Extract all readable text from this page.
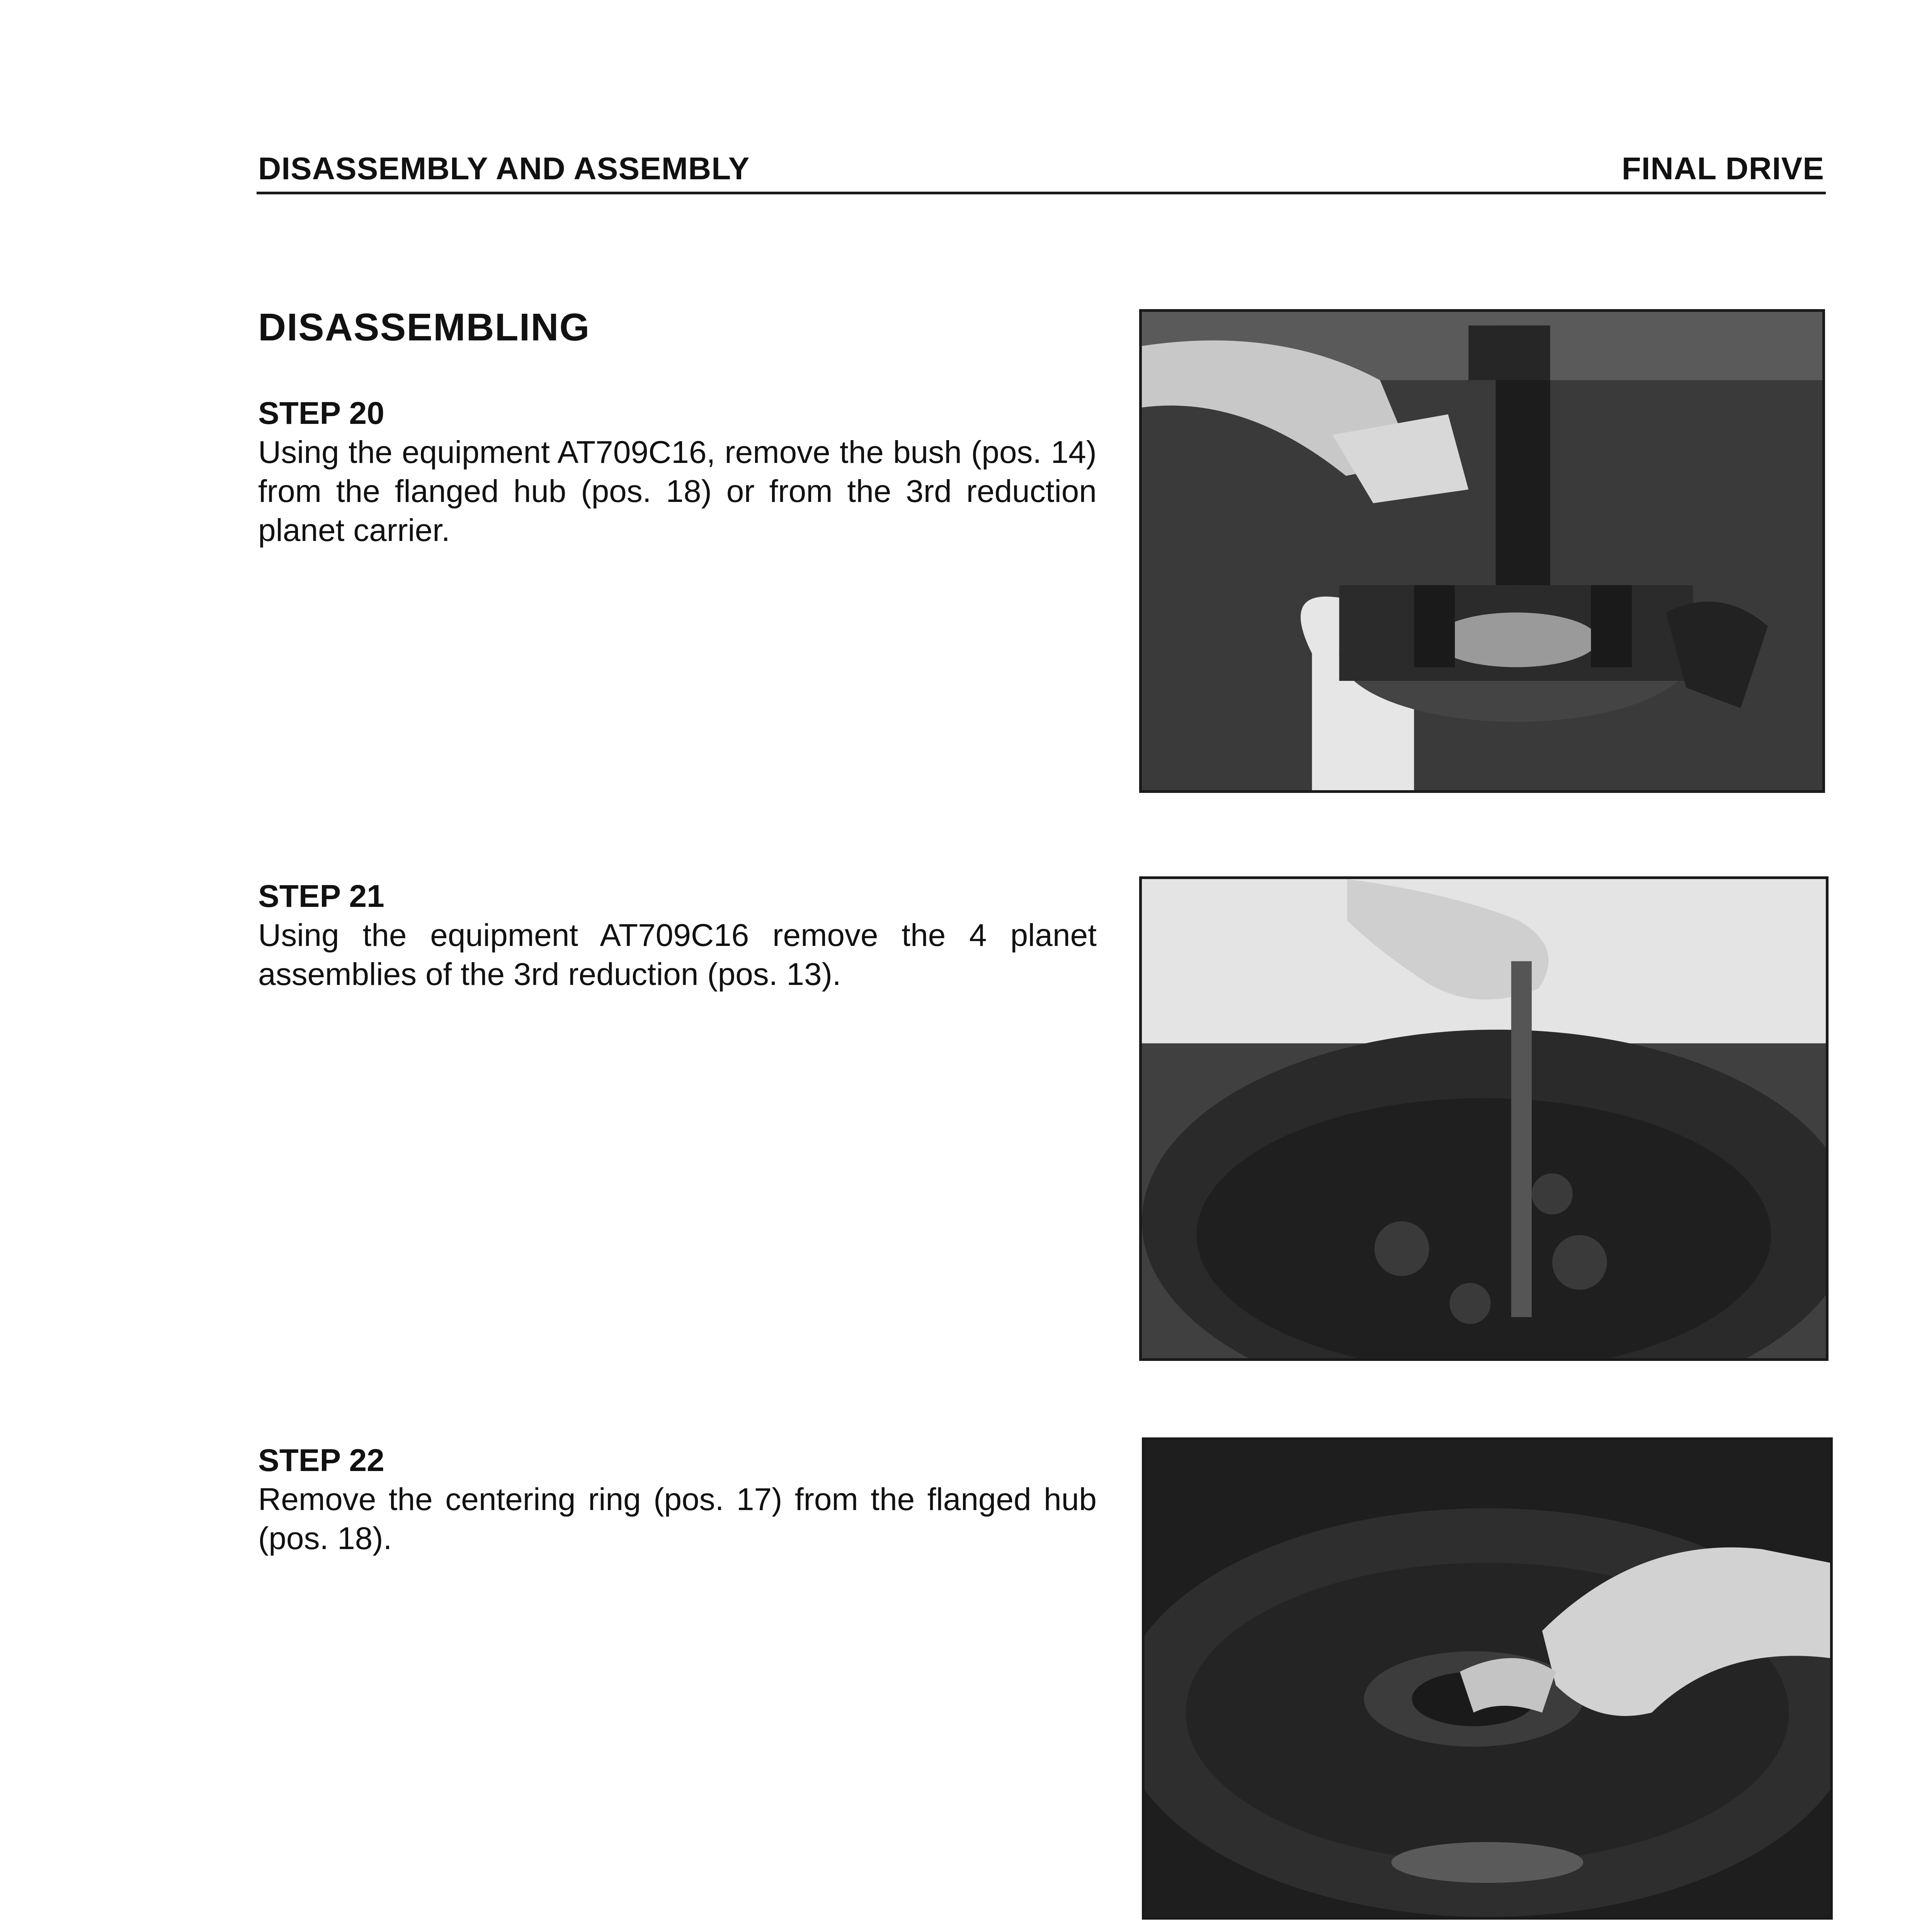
DISASSEMBLY AND ASSEMBLY	FINAL DRIVE
DISASSEMBLING
STEP 20
Using the equipment AT709C16, remove the bush (pos. 14) from the flanged hub (pos. 18) or from the 3rd reduction planet carrier.
STEP 21
Using the equipment AT709C16 remove the 4 planet assemblies of the 3rd reduction (pos. 13).
STEP 22
Remove the centering ring (pos. 17) from the flanged hub (pos. 18).
